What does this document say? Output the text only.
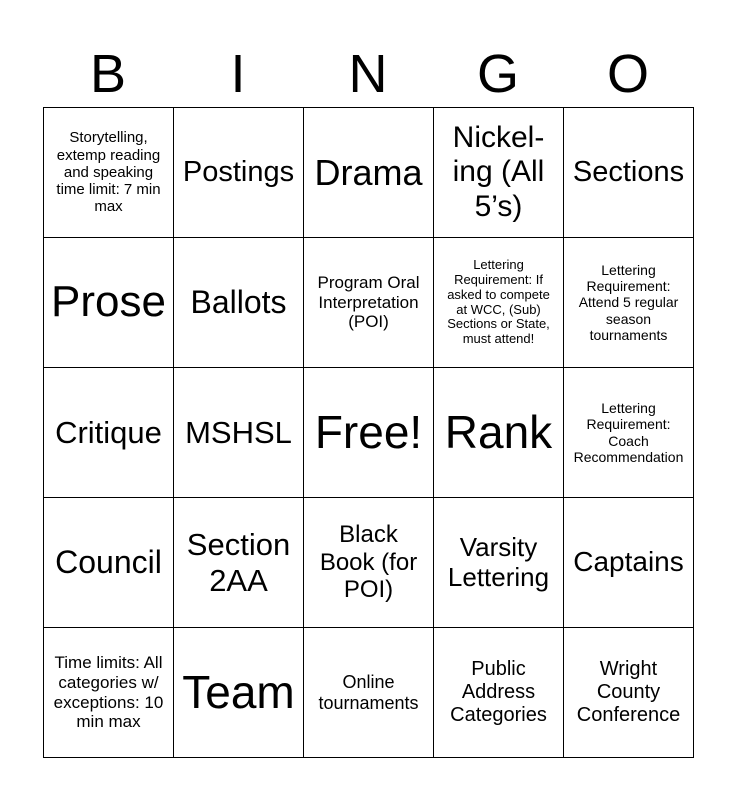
B	I	N	G	O
Storytelling, extemp reading and speaking time limit: 7 min max	Postings	Drama	Nickel-ing (All 5’s)	Sections

Prose	Ballots	Program Oral Interpretation (POI)	Lettering Requirement: If asked to compete at WCC, (Sub) Sections or State, must attend!	Lettering Requirement: Attend 5 regular season tournaments

Critique	MSHSL	Free!	Rank	Lettering Requirement: Coach Recommendation

Council	Section 2AA	Black Book (for POI)	Varsity Lettering	Captains

Time limits: All categories w/ exceptions: 10 min max	Team	Online tournaments	Public Address Categories	Wright County Conference
